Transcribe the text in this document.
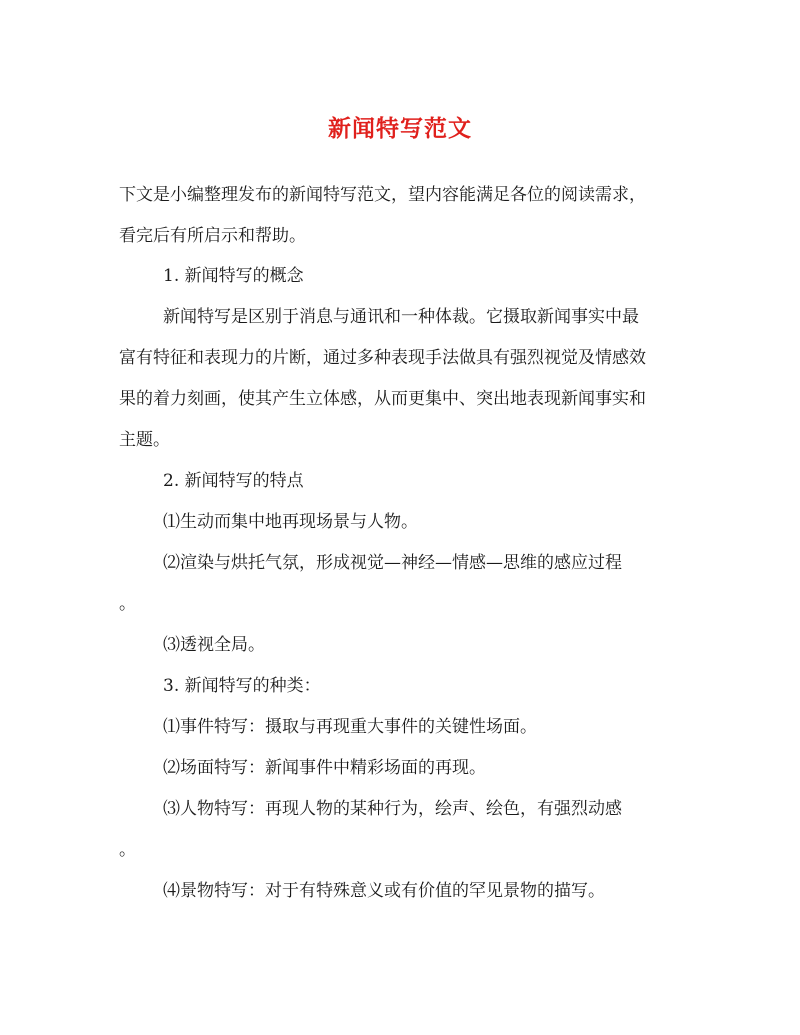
新闻特写范文

下文是小编整理发布的新闻特写范文，望内容能满足各位的阅读需求，

看完后有所启示和帮助。

1. 新闻特写的概念

新闻特写是区别于消息与通讯和一种体裁。它摄取新闻事实中最

富有特征和表现力的片断，通过多种表现手法做具有强烈视觉及情感效

果的着力刻画，使其产生立体感，从而更集中、突出地表现新闻事实和

主题。

2. 新闻特写的特点

⑴生动而集中地再现场景与人物。

⑵渲染与烘托气氛，形成视觉—神经—情感—思维的感应过程

。

⑶透视全局。

3. 新闻特写的种类：

⑴事件特写：摄取与再现重大事件的关键性场面。

⑵场面特写：新闻事件中精彩场面的再现。

⑶人物特写：再现人物的某种行为，绘声、绘色，有强烈动感

。

⑷景物特写：对于有特殊意义或有价值的罕见景物的描写。
